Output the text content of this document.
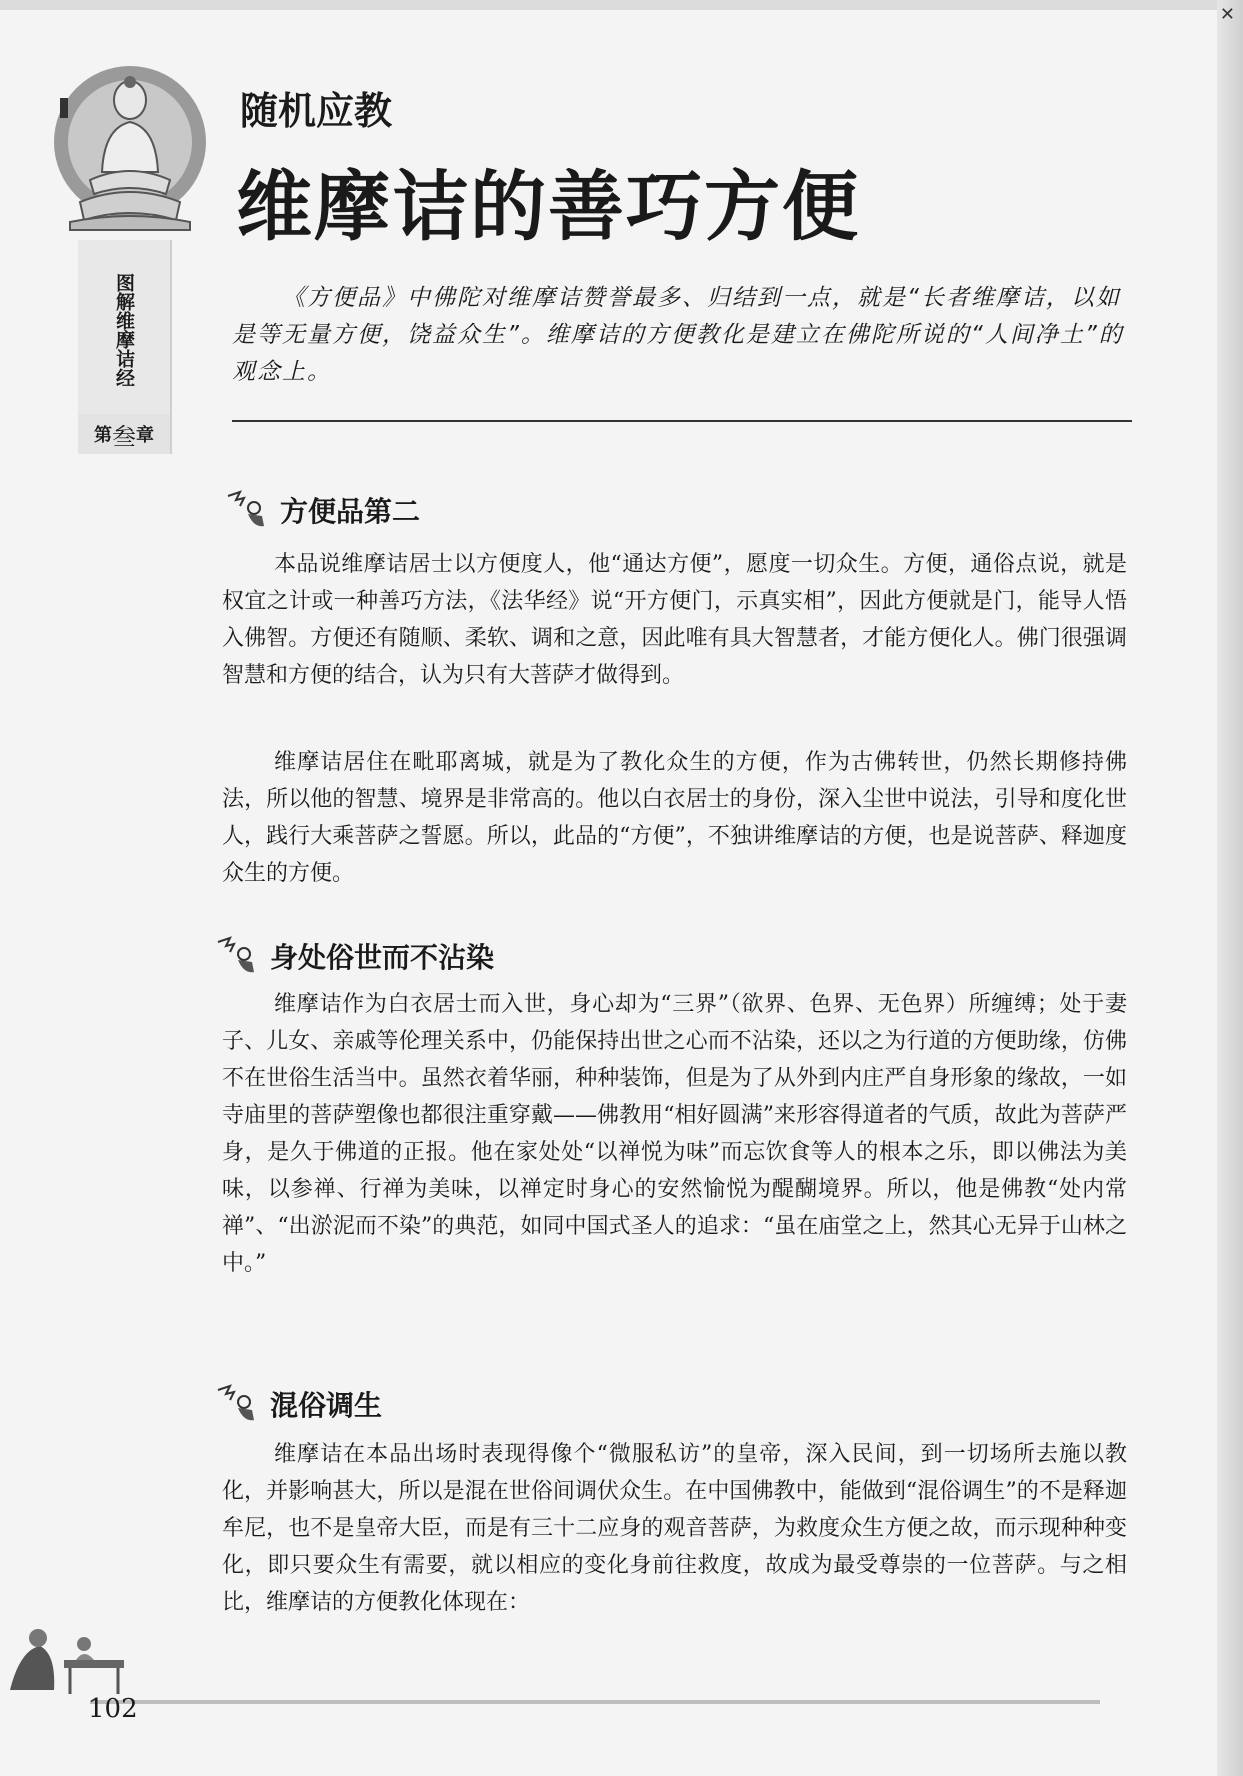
✕
图
解
维
摩
诘
经
第 叁 章
随机应教
维摩诘的善巧方便
《方便品》中佛陀对维摩诘赞誉最多、归结到一点，就是“长者维摩诘，以如是等无量方便，饶益众生”。维摩诘的方便教化是建立在佛陀所说的“人间净土”的观念上。
方便品第二
本品说维摩诘居士以方便度人，他“通达方便”，愿度一切众生。方便，通俗点说，就是权宜之计或一种善巧方法，《法华经》说“开方便门，示真实相”，因此方便就是门，能导人悟入佛智。方便还有随顺、柔软、调和之意，因此唯有具大智慧者，才能方便化人。佛门很强调智慧和方便的结合，认为只有大菩萨才做得到。
维摩诘居住在毗耶离城，就是为了教化众生的方便，作为古佛转世，仍然长期修持佛法，所以他的智慧、境界是非常高的。他以白衣居士的身份，深入尘世中说法，引导和度化世人，践行大乘菩萨之誓愿。所以，此品的“方便”，不独讲维摩诘的方便，也是说菩萨、释迦度众生的方便。
身处俗世而不沾染
维摩诘作为白衣居士而入世，身心却为“三界”（欲界、色界、无色界）所缠缚；处于妻子、儿女、亲戚等伦理关系中，仍能保持出世之心而不沾染，还以之为行道的方便助缘，仿佛不在世俗生活当中。虽然衣着华丽，种种装饰，但是为了从外到内庄严自身形象的缘故，一如寺庙里的菩萨塑像也都很注重穿戴——佛教用“相好圆满”来形容得道者的气质，故此为菩萨严身，是久于佛道的正报。他在家处处“以禅悦为味”而忘饮食等人的根本之乐，即以佛法为美味，以参禅、行禅为美味，以禅定时身心的安然愉悦为醍醐境界。所以，他是佛教“处内常禅”、“出淤泥而不染”的典范，如同中国式圣人的追求：“虽在庙堂之上，然其心无异于山林之中。”
混俗调生
维摩诘在本品出场时表现得像个“微服私访”的皇帝，深入民间，到一切场所去施以教化，并影响甚大，所以是混在世俗间调伏众生。在中国佛教中，能做到“混俗调生”的不是释迦牟尼，也不是皇帝大臣，而是有三十二应身的观音菩萨，为救度众生方便之故，而示现种种变化，即只要众生有需要，就以相应的变化身前往救度，故成为最受尊崇的一位菩萨。与之相比，维摩诘的方便教化体现在：
102
